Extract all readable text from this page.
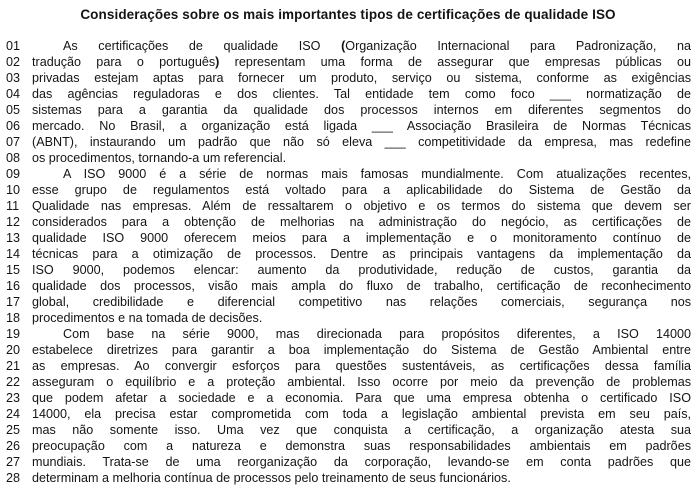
Considerações sobre os mais importantes tipos de certificações de qualidade ISO
01	As certificações de qualidade ISO (Organização Internacional para Padronização, na
02 tradução para o português) representam uma forma de assegurar que empresas públicas ou
03 privadas estejam aptas para fornecer um produto, serviço ou sistema, conforme as exigências
04 das agências reguladoras e dos clientes. Tal entidade tem como foco ___ normatização de
05 sistemas para a garantia da qualidade dos processos internos em diferentes segmentos do
06 mercado. No Brasil, a organização está ligada ___ Associação Brasileira de Normas Técnicas
07 (ABNT), instaurando um padrão que não só eleva ___ competitividade da empresa, mas redefine
08 os procedimentos, tornando-a um referencial.
09	A ISO 9000 é a série de normas mais famosas mundialmente. Com atualizações recentes,
10 esse grupo de regulamentos está voltado para a aplicabilidade do Sistema de Gestão da
11	Qualidade nas empresas. Além de ressaltarem o objetivo e os termos do sistema que devem ser
12 considerados para a obtenção de melhorias na administração do negócio, as certificações de
13 qualidade ISO 9000 oferecem meios para a implementação e o monitoramento contínuo de
14 técnicas para a otimização de processos. Dentre as principais vantagens da implementação da
15 ISO 9000, podemos elencar: aumento da produtividade, redução de custos, garantia da
16 qualidade dos processos, visão mais ampla do fluxo de trabalho, certificação de reconhecimento
17 global, credibilidade e diferencial competitivo nas relações comerciais, segurança nos
18 procedimentos e na tomada de decisões.
19	Com base na série 9000, mas direcionada para propósitos diferentes, a ISO 14000
20 estabelece diretrizes para garantir a boa implementação do Sistema de Gestão Ambiental entre
21 as empresas. Ao convergir esforços para questões sustentáveis, as certificações dessa família
22 asseguram o equilíbrio e a proteção ambiental. Isso ocorre por meio da prevenção de problemas
23 que podem afetar a sociedade e a economia. Para que uma empresa obtenha o certificado ISO
24 14000, ela precisa estar comprometida com toda a legislação ambiental prevista em seu país,
25 mas não somente isso. Uma vez que conquista a certificação, a organização atesta sua
26 preocupação com a natureza e demonstra suas responsabilidades ambientais em padrões
27 mundiais. Trata-se de uma reorganização da corporação, levando-se em conta padrões que
28 determinam a melhoria contínua de processos pelo treinamento de seus funcionários.
